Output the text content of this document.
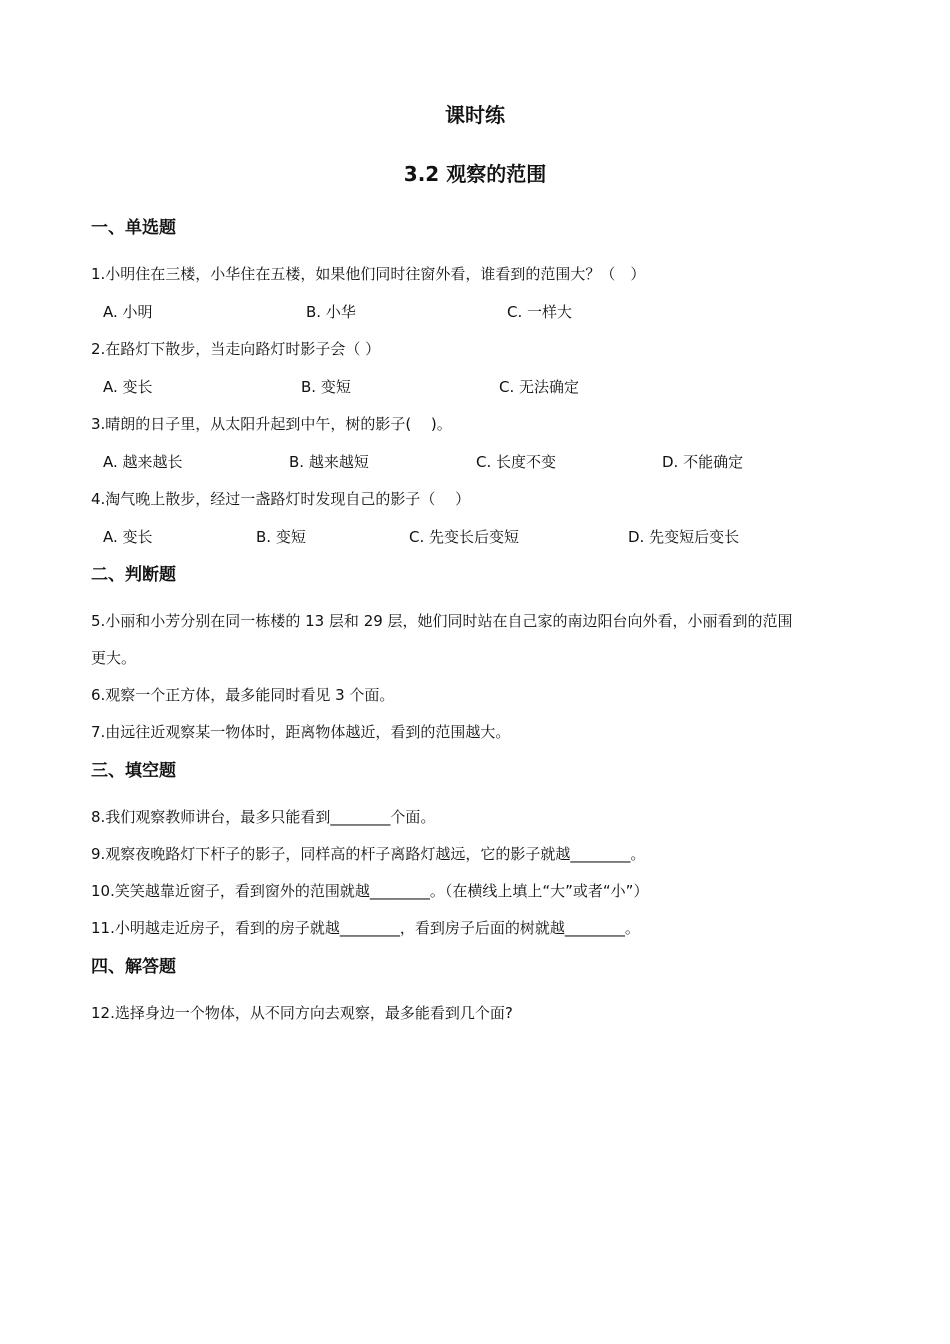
课时练
3.2 观察的范围
一、单选题
1.小明住在三楼，小华住在五楼，如果他们同时往窗外看，谁看到的范围大？（　）
A. 小明	B. 小华	C. 一样大
2.在路灯下散步，当走向路灯时影子会（ ）
A. 变长	B. 变短	C. 无法确定
3.晴朗的日子里，从太阳升起到中午，树的影子(　 )。
A. 越来越长	B. 越来越短	C. 长度不变	D. 不能确定
4.淘气晚上散步，经过一盏路灯时发现自己的影子（　 ）
A. 变长	B. 变短	C. 先变长后变短	D. 先变短后变长
二、判断题
5.小丽和小芳分别在同一栋楼的 13 层和 29 层，她们同时站在自己家的南边阳台向外看，小丽看到的范围
更大。
6.观察一个正方体，最多能同时看见 3 个面。
7.由远往近观察某一物体时，距离物体越近，看到的范围越大。
三、填空题
8.我们观察教师讲台，最多只能看到________个面。
9.观察夜晚路灯下杆子的影子，同样高的杆子离路灯越远，它的影子就越________。
10.笑笑越靠近窗子，看到窗外的范围就越________。（在横线上填上“大”或者“小”）
11.小明越走近房子，看到的房子就越________，看到房子后面的树就越________。
四、解答题
12.选择身边一个物体，从不同方向去观察，最多能看到几个面?
